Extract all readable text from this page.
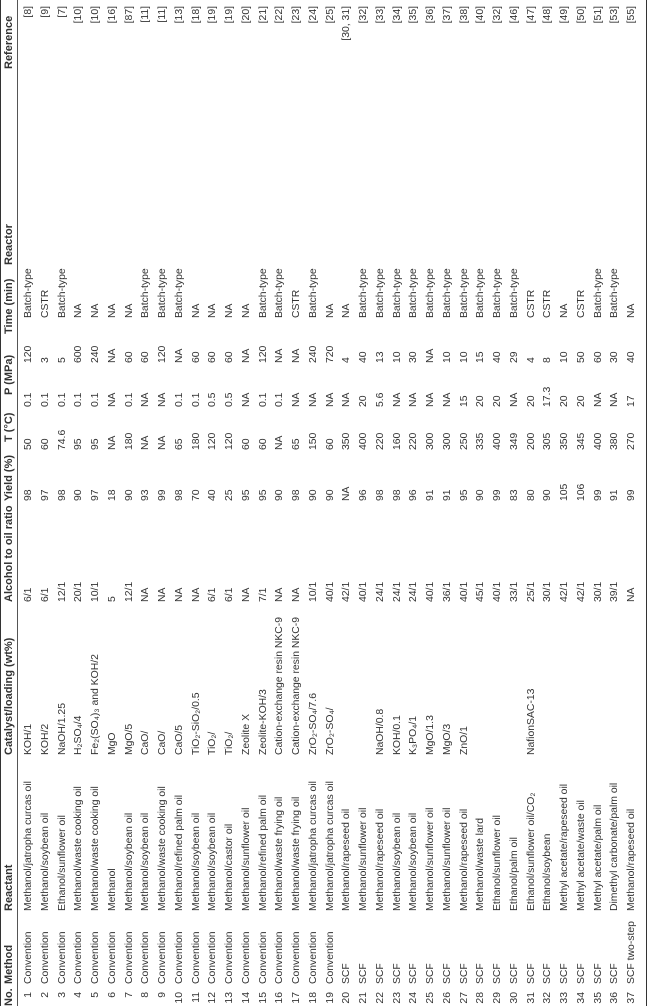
No.
Method
Reactant
Catalyst/loading (wt%)
Alcohol to oil ratio
Yield (%)
T (°C)
P (MPa)
Time (min)
Reactor
Reference
1
Convention
Methanol/jatropha curcas oil
KOH/1
6/1
98
50
0.1
120
Batch-type
[8]
2
Convention
Methanol/soybean oil
KOH/2
6/1
97
60
0.1
3
CSTR
[9]
3
Convention
Ethanol/sunflower oil
NaOH/1.25
12/1
98
74.6
0.1
5
Batch-type
[7]
4
Convention
Methanol/waste cooking oil
H₂SO₄/4
20/1
90
95
0.1
600
NA
[10]
5
Convention
Methanol/waste cooking oil
Fe₂(SO₄)₃ and KOH/2
10/1
97
95
0.1
240
NA
[10]
6
Convention
Methanol
MgO
5
18
NA
NA
NA
NA
[16]
7
Convention
Methanol/soybean oil
MgO/5
12/1
90
180
0.1
60
NA
[87]
8
Convention
Methanol/soybean oil
CaO/
NA
93
NA
NA
60
Batch-type
[11]
9
Convention
Methanol/waste cooking oil
CaO/
NA
99
NA
NA
120
Batch-type
[11]
10
Convention
Methanol/refined palm oil
CaO/5
NA
98
65
0.1
NA
Batch-type
[13]
11
Convention
Methanol/soybean oil
TiO₂-SiO₂/0.5
NA
70
180
0.1
60
NA
[18]
12
Convention
Methanol/soybean oil
TiO₂/
6/1
40
120
0.5
60
NA
[19]
13
Convention
Methanol/castor oil
TiO₂/
6/1
25
120
0.5
60
NA
[19]
14
Convention
Methanol/sunflower oil
Zeolite X
NA
95
60
NA
NA
NA
[20]
15
Convention
Methanol/refined palm oil
Zeolite-KOH/3
7/1
95
60
0.1
120
Batch-type
[21]
16
Convention
Methanol/waste frying oil
Cation-exchange resin NKC-9
NA
90
NA
0.1
NA
Batch-type
[22]
17
Convention
Methanol/waste frying oil
Cation-exchange resin NKC-9
NA
98
65
NA
NA
CSTR
[23]
18
Convention
Methanol/jatropha curcas oil
ZrO₂-SO₄/7.6
10/1
90
150
NA
240
Batch-type
[24]
19
Convention
Methanol/jatropha curcas oil
ZrO₂-SO₄/
40/1
90
60
NA
720
NA
[25]
20
SCF
Methanol/rapeseed oil
42/1
NA
350
NA
4
NA
[30, 31]
21
SCF
Methanol/sunflower oil
40/1
96
400
20
40
Batch-type
[32]
22
SCF
Methanol/rapeseed oil
NaOH/0.8
24/1
98
220
5.6
13
Batch-type
[33]
23
SCF
Methanol/soybean oil
KOH/0.1
24/1
98
160
NA
10
Batch-type
[34]
24
SCF
Methanol/soybean oil
K₃PO₄/1
24/1
96
220
NA
30
Batch-type
[35]
25
SCF
Methanol/sunflower oil
MgO/1.3
40/1
91
300
NA
NA
Batch-type
[36]
26
SCF
Methanol/sunflower oil
MgO/3
36/1
91
300
NA
10
Batch-type
[37]
27
SCF
Methanol/rapeseed oil
ZnO/1
40/1
95
250
15
10
Batch-type
[38]
28
SCF
Methanol/waste lard
45/1
90
335
20
15
Batch-type
[40]
29
SCF
Ethanol/sunflower oil
40/1
99
400
20
40
Batch-type
[32]
30
SCF
Ethanol/palm oil
33/1
83
349
NA
29
Batch-type
[46]
31
SCF
Ethanol/sunflower oil/CO₂
NafionSAC-13
25/1
80
200
20
4
CSTR
[47]
32
SCF
Ethanol/soybean
30/1
90
305
17.3
8
CSTR
[48]
33
SCF
Methyl acetate/rapeseed oil
42/1
105
350
20
10
NA
[49]
34
SCF
Methyl acetate/waste oil
42/1
106
345
20
50
CSTR
[50]
35
SCF
Methyl acetate/palm oil
30/1
99
400
NA
60
Batch-type
[51]
36
SCF
Dimethyl carbonate/palm oil
39/1
91
380
NA
30
Batch-type
[53]
37
SCF two-step
Methanol/rapeseed oil
NA
99
270
17
40
NA
[55]
